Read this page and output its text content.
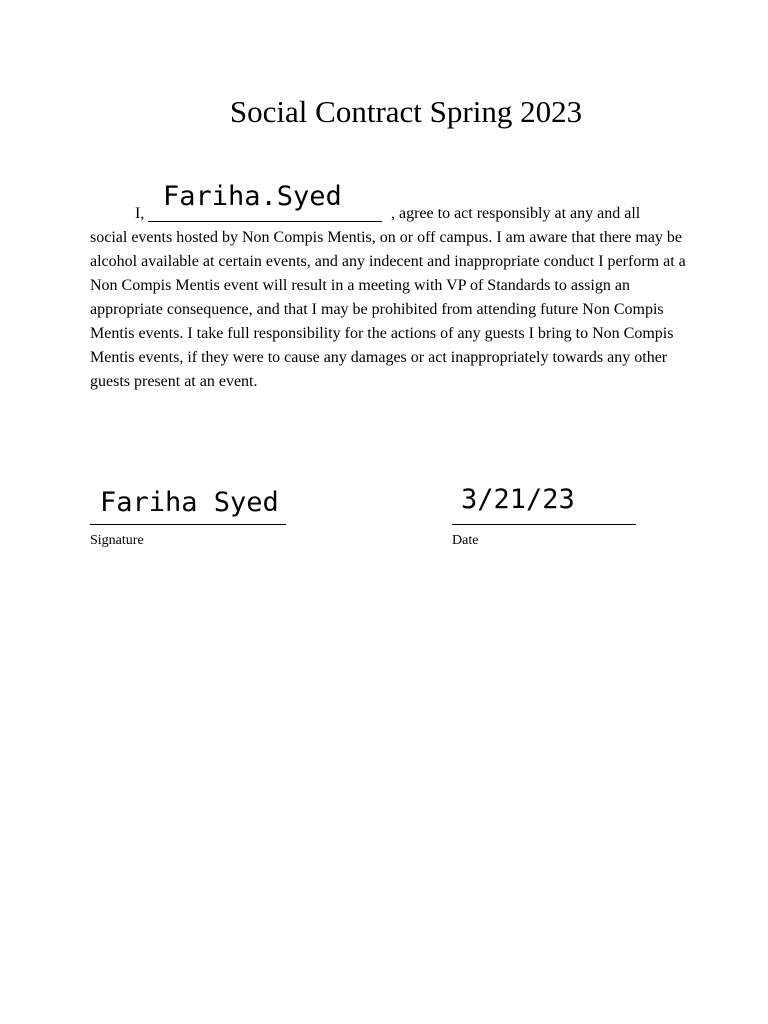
Social Contract Spring 2023
I,
Fariha.Syed
, agree to act responsibly at any and all

social events hosted by Non Compis Mentis, on or off campus. I am aware that there may be alcohol available at certain events, and any indecent and inappropriate conduct I perform at a Non Compis Mentis event will result in a meeting with VP of Standards to assign an appropriate consequence, and that I may be prohibited from attending future Non Compis Mentis events. I take full responsibility for the actions of any guests I bring to Non Compis Mentis events, if they were to cause any damages or act inappropriately towards any other guests present at an event.

Fariha Syed
.
Signature
3/21/23
.
Date
